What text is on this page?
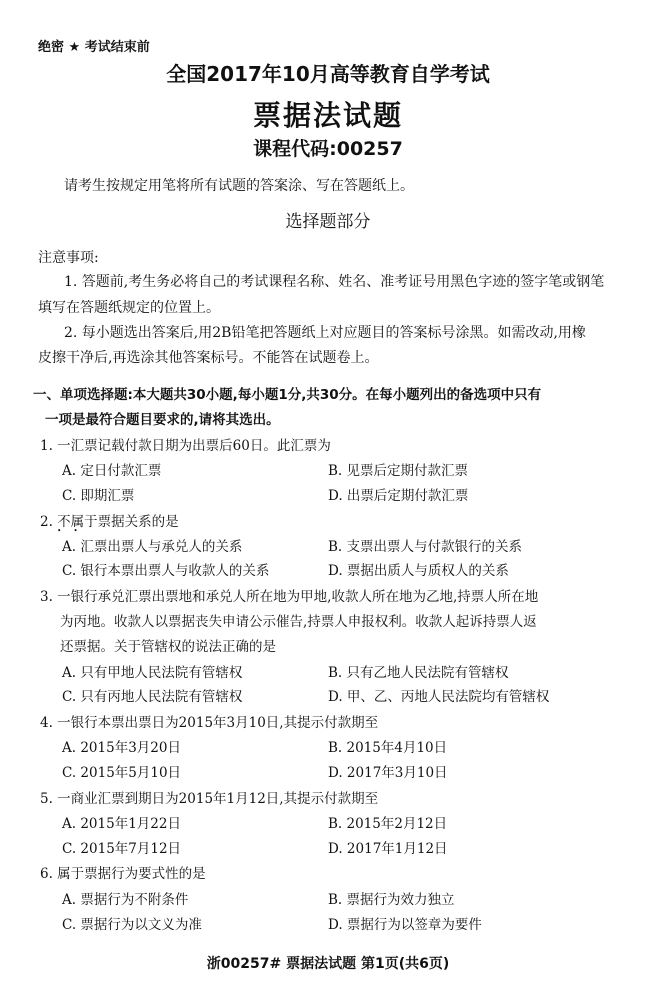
绝密 ★ 考试结束前
全国2017年10月高等教育自学考试
票据法试题
课程代码:00257
请考生按规定用笔将所有试题的答案涂、写在答题纸上。
选择题部分
注意事项:
1. 答题前,考生务必将自己的考试课程名称、姓名、准考证号用黑色字迹的签字笔或钢笔
填写在答题纸规定的位置上。
2. 每小题选出答案后,用2B铅笔把答题纸上对应题目的答案标号涂黑。如需改动,用橡
皮擦干净后,再选涂其他答案标号。不能答在试题卷上。
一、单项选择题:本大题共30小题,每小题1分,共30分。在每小题列出的备选项中只有
一项是最符合题目要求的,请将其选出。
1. 一汇票记载付款日期为出票后60日。此汇票为
A. 定日付款汇票	B. 见票后定期付款汇票
C. 即期汇票	D. 出票后定期付款汇票
2. 不属于 • •票据关系的是
A. 汇票出票人与承兑人的关系	B. 支票出票人与付款银行的关系
C. 银行本票出票人与收款人的关系	D. 票据出质人与质权人的关系
3. 一银行承兑汇票出票地和承兑人所在地为甲地,收款人所在地为乙地,持票人所在地
为丙地。收款人以票据丧失申请公示催告,持票人申报权利。收款人起诉持票人返
还票据。关于管辖权的说法正确的是
A. 只有甲地人民法院有管辖权	B. 只有乙地人民法院有管辖权
C. 只有丙地人民法院有管辖权	D. 甲、乙、丙地人民法院均有管辖权
4. 一银行本票出票日为2015年3月10日,其提示付款期至
A. 2015年3月20日	B. 2015年4月10日
C. 2015年5月10日	D. 2017年3月10日
5. 一商业汇票到期日为2015年1月12日,其提示付款期至
A. 2015年1月22日	B. 2015年2月12日
C. 2015年7月12日	D. 2017年1月12日
6. 属于票据行为要式性的是
A. 票据行为不附条件	B. 票据行为效力独立
C. 票据行为以文义为准	D. 票据行为以签章为要件
浙00257# 票据法试题 第1页(共6页)
